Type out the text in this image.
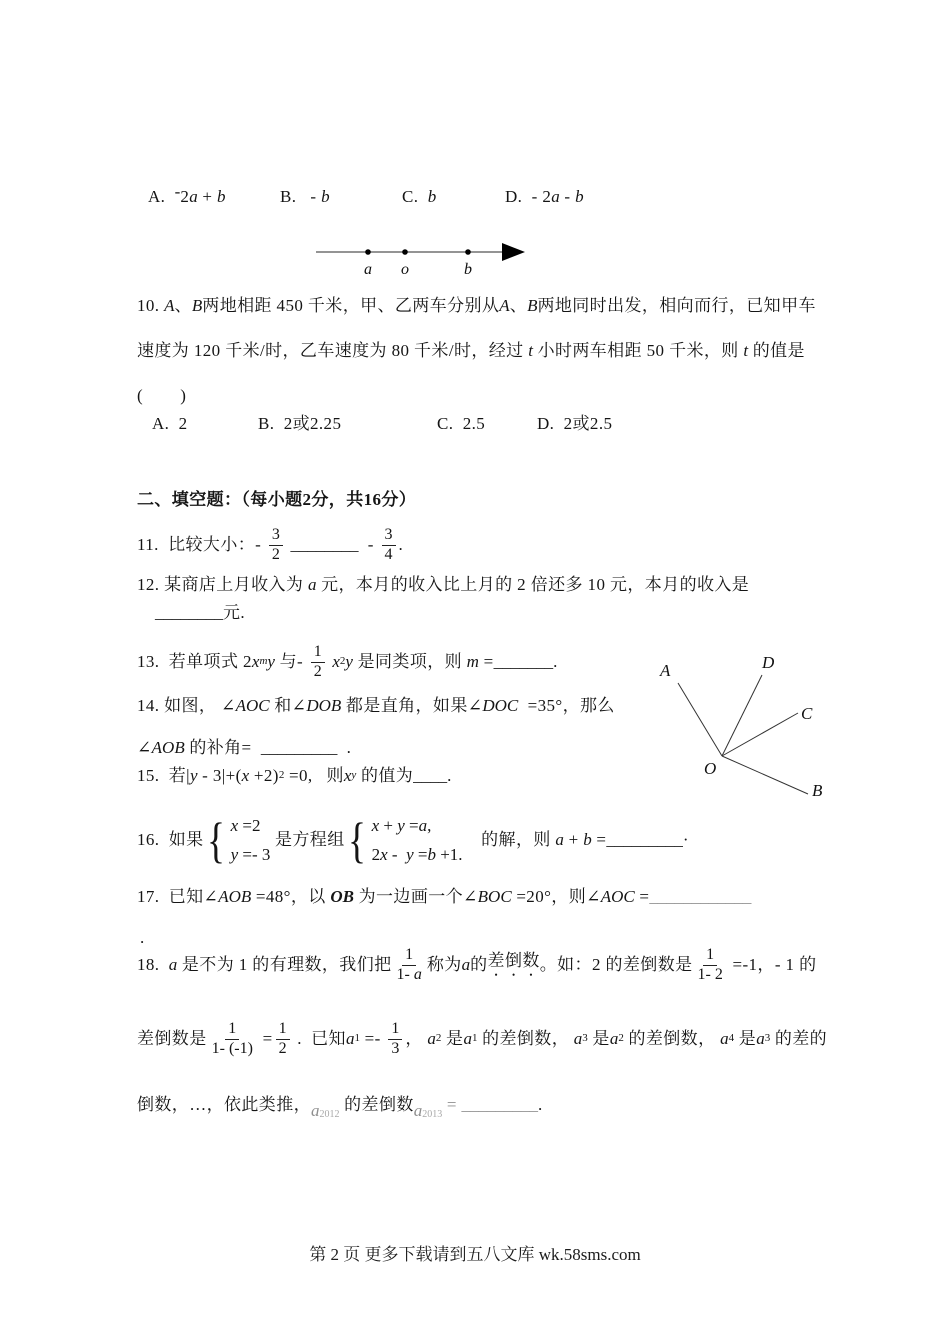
A. - 2 a + b	B. - b	C. b	D. - 2 a - b
a o	b
10. A 、 B 两地相距 450 千米，甲、乙两车分别从 A 、 B 两地同时出发，相向而行，已知甲车
速度为 120 千米/时，乙车速度为 80 千米/时，经过 t 小时两车相距 50 千米，则 t 的值是
(        )
A.  2	B.  2或2.25	C.  2.5	D.  2或2.5
二、填空题：（每小题2分，共16分）
11.  比较大小：- $\frac{3}{2}$
________ - $\frac{3}{4}$ .
12. 某商店上月收入为 a 元，本月的收入比上月的 2 倍还多 10 元，本月的收入是
________ 元.
13.  若单项式 2 x m y 与- $\frac{1}{2}$
x 2 y 是同类项，则 m = _______ .
14. 如图， ∠ AOC 和∠ DOB 都是直角，如果∠ DOC =35°，那么
∠ AOB 的补角= _________ .
A	D
C
O
B
15.  若 | y - 3 | +( x +2) 2 =0,   则 x y 的值为 ____ .
16.  如果 { x =2
y =- 3
是方程组 { x + y =a,
2x -  y =b +1.
的解，则 a + b = _________ ·
17.  已知∠ AOB =48°，以 OB 为一边画一个∠ BOC =20°，则∠ AOC = ____________
.
18. a 是不为 1 的有理数，我们把 $\frac{1}{1- a}$ 称为 a 的 差倒数 。如：2 的差倒数是 $\frac{1}{1- 2} =-1$，- 1 的
差倒数是 $\frac{1}{1- (-1)} = \frac{1}{2}$ .  已知 a $1 =- \frac{1}{3}$ ， a 2 是 a 1 的差倒数， a 3 是 a 2 的差倒数， a 4 是 a 3 的差的
倒数，…，依此类推， a 2012 的差倒数 a 2013 = _________ .
第 2 页 更多下载请到五八文库 wk.58sms.com
